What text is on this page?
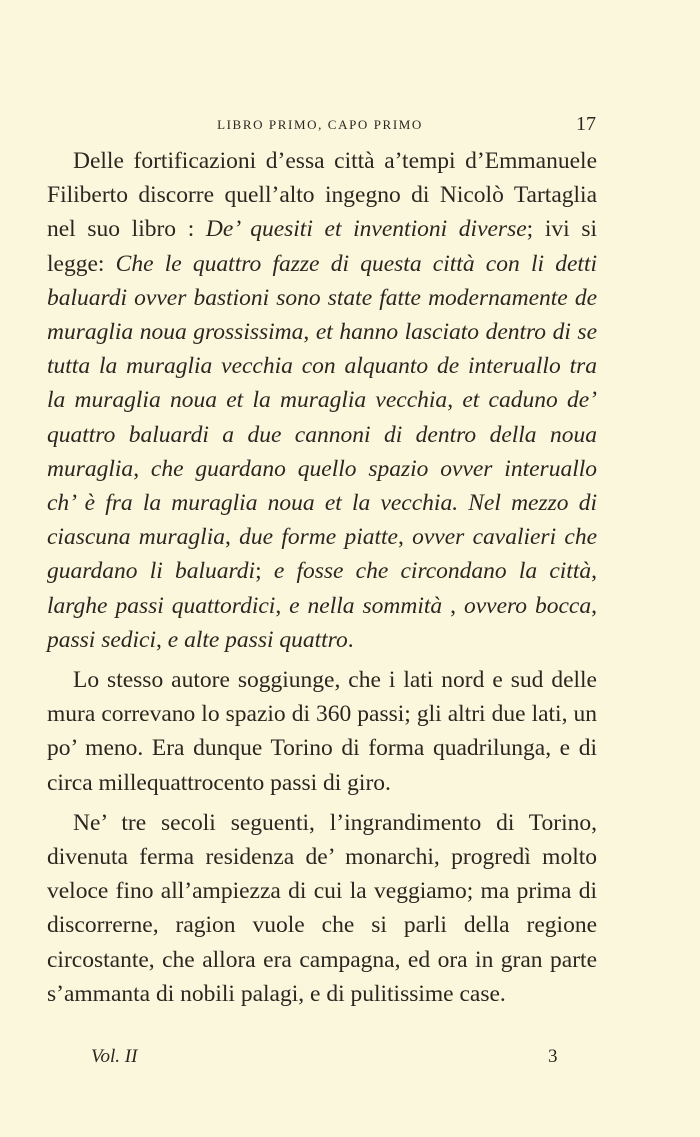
LIBRO PRIMO, CAPO PRIMO	17

Delle fortificazioni d’essa città a’tempi d’Emmanuele Filiberto discorre quell’alto ingegno di Nicolò Tartaglia nel suo libro : De’ quesiti et inventioni diverse; ivi si legge: Che le quattro fazze di questa città con li detti baluardi ovver bastioni sono state fatte modernamente de muraglia noua grossissima, et hanno lasciato dentro di se tutta la muraglia vecchia con alquanto de interuallo tra la muraglia noua et la muraglia vecchia, et caduno de’ quattro baluardi a due cannoni di dentro della noua muraglia, che guardano quello spazio ovver interuallo ch’ è fra la muraglia noua et la vecchia. Nel mezzo di ciascuna muraglia, due forme piatte, ovver cavalieri che guardano li baluardi; e fosse che circondano la città, larghe passi quattordici, e nella sommità , ovvero bocca, passi sedici, e alte passi quattro.

Lo stesso autore soggiunge, che i lati nord e sud delle mura correvano lo spazio di 360 passi; gli altri due lati, un po’ meno. Era dunque Torino di forma quadrilunga, e di circa millequattrocento passi di giro.

Ne’ tre secoli seguenti, l’ingrandimento di Torino, divenuta ferma residenza de’ monarchi, progredì molto veloce fino all’ampiezza di cui la veggiamo; ma prima di discorrerne, ragion vuole che si parli della regione circostante, che allora era campagna, ed ora in gran parte s’ammanta di nobili palagi, e di pulitissime case.

Vol. II	3
